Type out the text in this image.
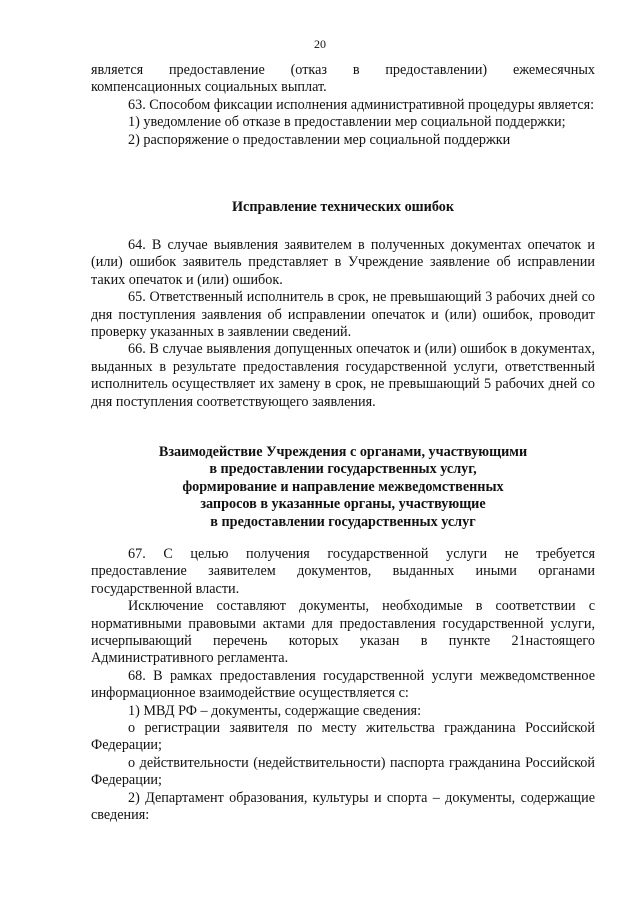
20

является предоставление (отказ в предоставлении) ежемесячных компенсационных социальных выплат.

63. Способом фиксации исполнения административной процедуры является:

1) уведомление об отказе в предоставлении мер социальной поддержки;

2) распоряжение о предоставлении мер социальной поддержки

Исправление технических ошибок

64. В случае выявления заявителем в полученных документах опечаток и (или) ошибок заявитель представляет в Учреждение заявление об исправлении таких опечаток и (или) ошибок.

65. Ответственный исполнитель в срок, не превышающий 3 рабочих дней со дня поступления заявления об исправлении опечаток и (или) ошибок, проводит проверку указанных в заявлении сведений.

66. В случае выявления допущенных опечаток и (или) ошибок в документах, выданных в результате предоставления государственной услуги, ответственный исполнитель осуществляет их замену в срок, не превышающий 5 рабочих дней со дня поступления соответствующего заявления.

Взаимодействие Учреждения с органами, участвующими

в предоставлении государственных услуг,

формирование и направление межведомственных

запросов в указанные органы, участвующие

в предоставлении государственных услуг

67. С целью получения государственной услуги не требуется предоставление заявителем документов, выданных иными органами государственной власти.

Исключение составляют документы, необходимые в соответствии с нормативными правовыми актами для предоставления государственной услуги, исчерпывающий перечень которых указан в пункте 21настоящего Административного регламента.

68. В рамках предоставления государственной услуги межведомственное информационное взаимодействие осуществляется с:

1) МВД РФ – документы, содержащие сведения:

о регистрации заявителя по месту жительства гражданина Российской Федерации;

о действительности (недействительности) паспорта гражданина Российской Федерации;

2) Департамент образования, культуры и спорта – документы, содержащие сведения:
